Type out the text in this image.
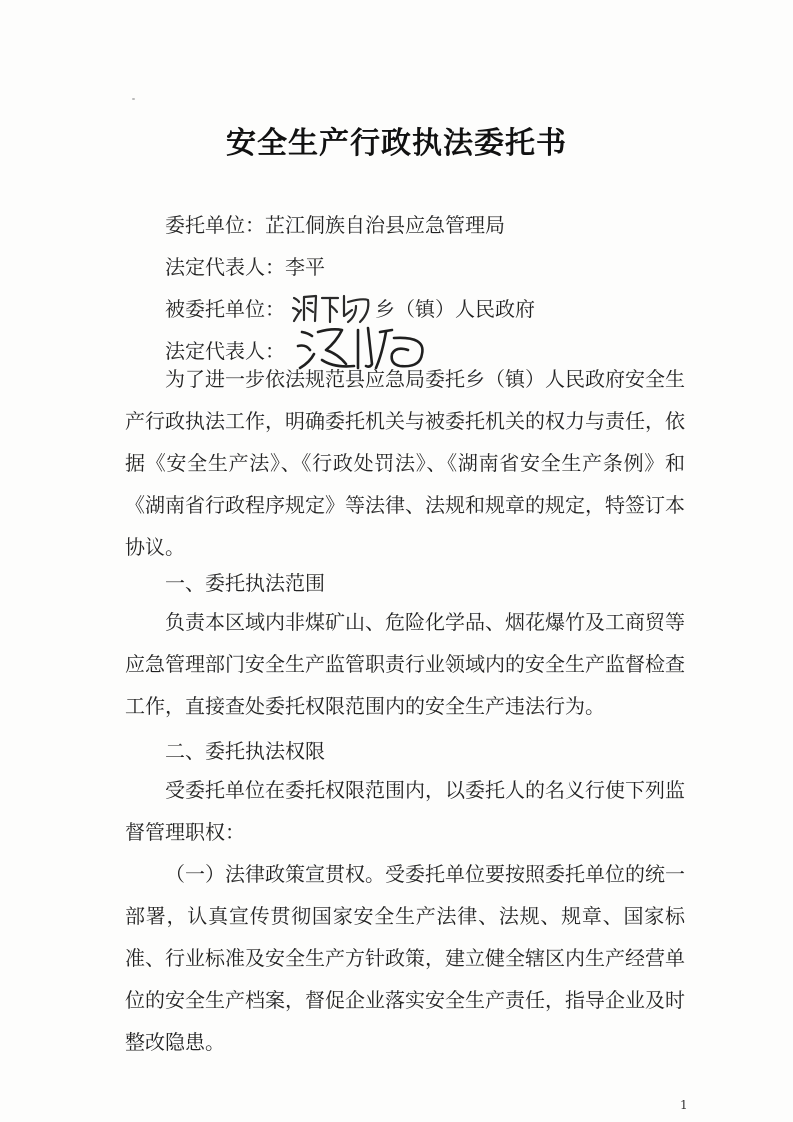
安全生产行政执法委托书
委托单位：芷江侗族自治县应急管理局
法定代表人：李平
被委托单位：	乡（镇）人民政府
法定代表人：
为了进一步依法规范县应急局委托乡（镇）人民政府安全生产行政执法工作，明确委托机关与被委托机关的权力与责任，依据《安全生产法》、《行政处罚法》、《湖南省安全生产条例》和《湖南省行政程序规定》等法律、法规和规章的规定，特签订本协议。
一、委托执法范围
负责本区域内非煤矿山、危险化学品、烟花爆竹及工商贸等应急管理部门安全生产监管职责行业领域内的安全生产监督检查工作，直接查处委托权限范围内的安全生产违法行为。
二、委托执法权限
受委托单位在委托权限范围内，以委托人的名义行使下列监督管理职权：
（一）法律政策宣贯权。受委托单位要按照委托单位的统一部署，认真宣传贯彻国家安全生产法律、法规、规章、国家标准、行业标准及安全生产方针政策，建立健全辖区内生产经营单位的安全生产档案，督促企业落实安全生产责任，指导企业及时整改隐患。
1
